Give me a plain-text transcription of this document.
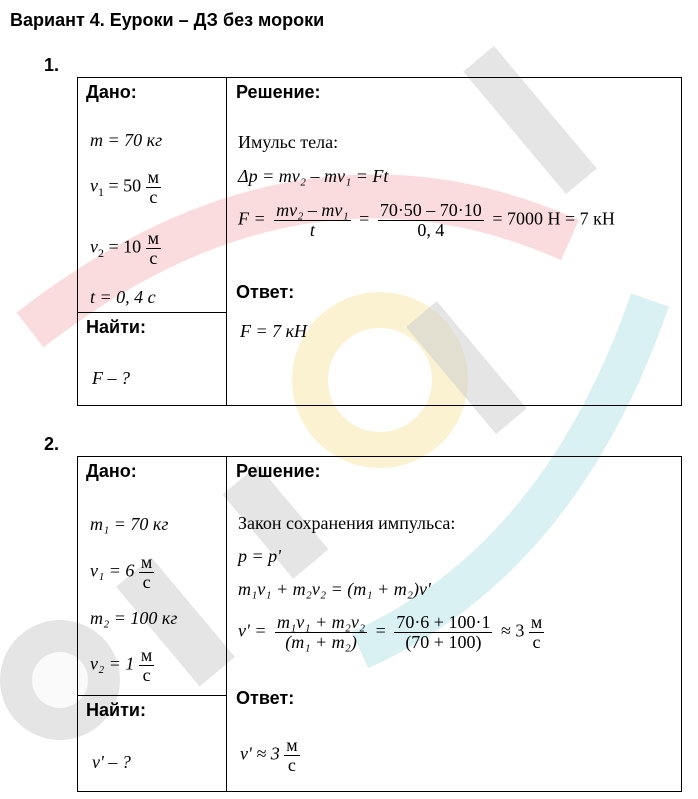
Вариант 4. Еуроки – ДЗ без мороки
1.
Дано:	Решение:
m = 70 кг
$v_1 = 50 \frac{м}{с}$
$v_2 = 10 \frac{м}{с}$
t = 0, 4 с
Найти:
F – ?
Имульс тела:
Δp = mv₂ – mv₁ = Ft
$F = \frac{\text{mv₂ – mv₁}}{t} = \frac{70\cdot 50 - 70\cdot 10}{0, 4} = 7000$ Н = 7 кН
Ответ:
F = 7 кН
2.
Дано:	Решение:
m₁ = 70 кг
$v_1 = 6 \frac{м}{с}$
m₂ = 100 кг
$v_2 = 1 \frac{м}{с}$
Найти:
v' – ?
Закон сохранения импульса:
p = p'
m₁v₁ + m₂v₂ = (m₁ + m₂)v'
$v' = \frac{\text{m₁v₁ + m₂v₂}}{\text{(m₁ + m₂)}} = \frac{70\cdot 6 + 100\cdot 1}{(70 + 100)} \approx 3 \frac{м}{с}$
Ответ:
$v' \approx 3 \frac{м}{с}$
